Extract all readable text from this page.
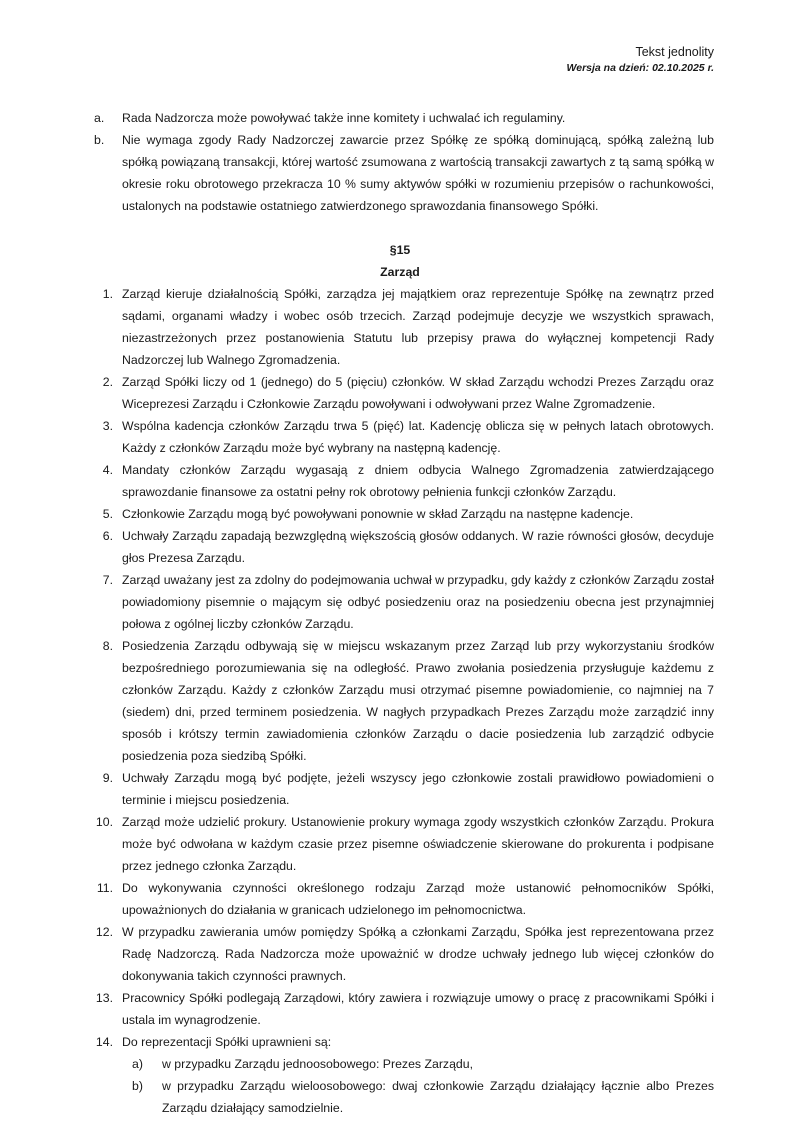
Tekst jednolity
Wersja na dzień: 02.10.2025 r.
a.	Rada Nadzorcza może powoływać także inne komitety i uchwalać ich regulaminy.
b.	Nie wymaga zgody Rady Nadzorczej zawarcie przez Spółkę ze spółką dominującą, spółką zależną lub spółką powiązaną transakcji, której wartość zsumowana z wartością transakcji zawartych z tą samą spółką w okresie roku obrotowego przekracza 10 % sumy aktywów spółki w rozumieniu przepisów o rachunkowości, ustalonych na podstawie ostatniego zatwierdzonego sprawozdania finansowego Spółki.
§15
Zarząd
1. Zarząd kieruje działalnością Spółki, zarządza jej majątkiem oraz reprezentuje Spółkę na zewnątrz przed sądami, organami władzy i wobec osób trzecich. Zarząd podejmuje decyzje we wszystkich sprawach, niezastrzeżonych przez postanowienia Statutu lub przepisy prawa do wyłącznej kompetencji Rady Nadzorczej lub Walnego Zgromadzenia.
2. Zarząd Spółki liczy od 1 (jednego) do 5 (pięciu) członków. W skład Zarządu wchodzi Prezes Zarządu oraz Wiceprezesi Zarządu i Członkowie Zarządu powoływani i odwoływani przez Walne Zgromadzenie.
3. Wspólna kadencja członków Zarządu trwa 5 (pięć) lat. Kadencję oblicza się w pełnych latach obrotowych. Każdy z członków Zarządu może być wybrany na następną kadencję.
4. Mandaty członków Zarządu wygasają z dniem odbycia Walnego Zgromadzenia zatwierdzającego sprawozdanie finansowe za ostatni pełny rok obrotowy pełnienia funkcji członków Zarządu.
5. Członkowie Zarządu mogą być powoływani ponownie w skład Zarządu na następne kadencje.
6. Uchwały Zarządu zapadają bezwzględną większością głosów oddanych. W razie równości głosów, decyduje głos Prezesa Zarządu.
7. Zarząd uważany jest za zdolny do podejmowania uchwał w przypadku, gdy każdy z członków Zarządu został powiadomiony pisemnie o mającym się odbyć posiedzeniu oraz na posiedzeniu obecna jest przynajmniej połowa z ogólnej liczby członków Zarządu.
8. Posiedzenia Zarządu odbywają się w miejscu wskazanym przez Zarząd lub przy wykorzystaniu środków bezpośredniego porozumiewania się na odległość. Prawo zwołania posiedzenia przysługuje każdemu z członków Zarządu. Każdy z członków Zarządu musi otrzymać pisemne powiadomienie, co najmniej na 7 (siedem) dni, przed terminem posiedzenia. W nagłych przypadkach Prezes Zarządu może zarządzić inny sposób i krótszy termin zawiadomienia członków Zarządu o dacie posiedzenia lub zarządzić odbycie posiedzenia poza siedzibą Spółki.
9. Uchwały Zarządu mogą być podjęte, jeżeli wszyscy jego członkowie zostali prawidłowo powiadomieni o terminie i miejscu posiedzenia.
10. Zarząd może udzielić prokury. Ustanowienie prokury wymaga zgody wszystkich członków Zarządu. Prokura może być odwołana w każdym czasie przez pisemne oświadczenie skierowane do prokurenta i podpisane przez jednego członka Zarządu.
11. Do wykonywania czynności określonego rodzaju Zarząd może ustanowić pełnomocników Spółki, upoważnionych do działania w granicach udzielonego im pełnomocnictwa.
12. W przypadku zawierania umów pomiędzy Spółką a członkami Zarządu, Spółka jest reprezentowana przez Radę Nadzorczą. Rada Nadzorcza może upoważnić w drodze uchwały jednego lub więcej członków do dokonywania takich czynności prawnych.
13. Pracownicy Spółki podlegają Zarządowi, który zawiera i rozwiązuje umowy o pracę z pracownikami Spółki i ustala im wynagrodzenie.
14. Do reprezentacji Spółki uprawnieni są:
a)	w przypadku Zarządu jednoosobowego: Prezes Zarządu,
b)	w przypadku Zarządu wieloosobowego: dwaj członkowie Zarządu działający łącznie albo Prezes Zarządu działający samodzielnie.
